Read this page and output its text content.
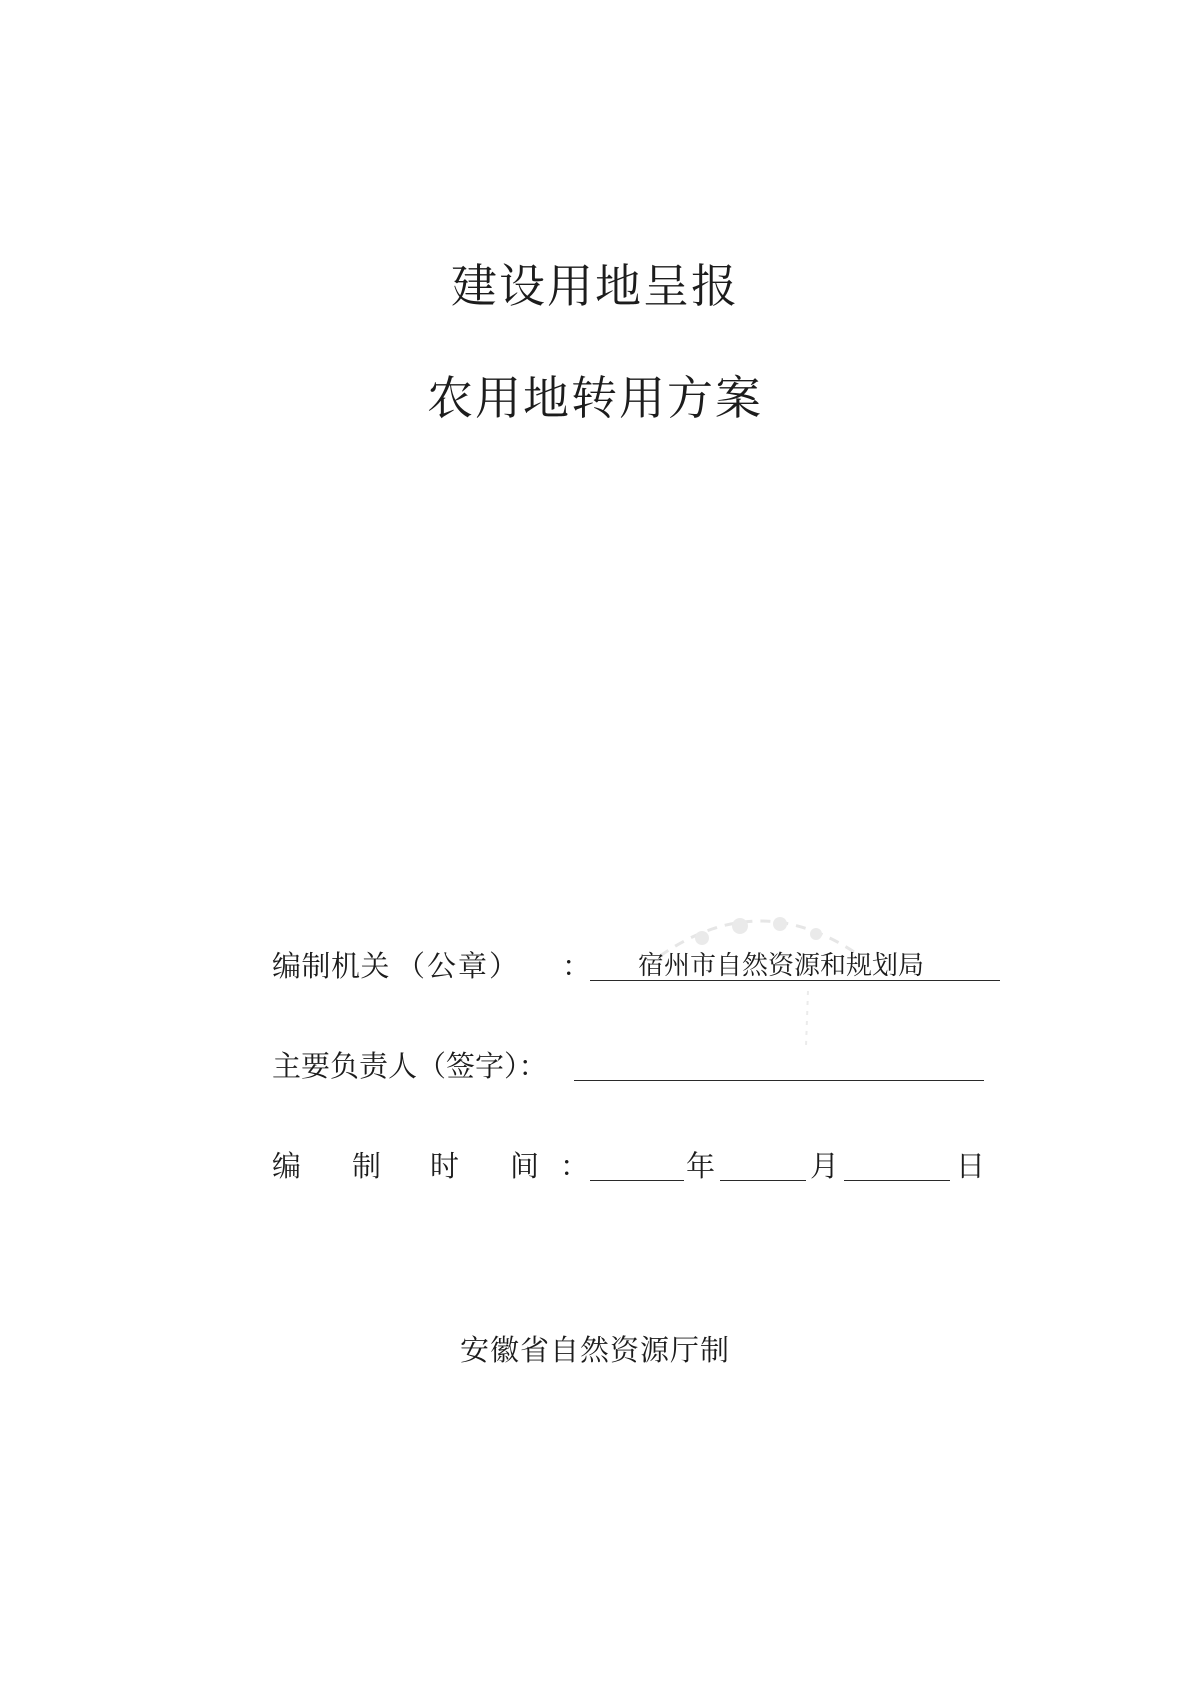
建设用地呈报
农用地转用方案
编制机关 （公章） ： 宿州市自然资源和规划局
主要负责人（签字）：
编 制 时 间 ：	年	月	日
安徽省自然资源厅制
